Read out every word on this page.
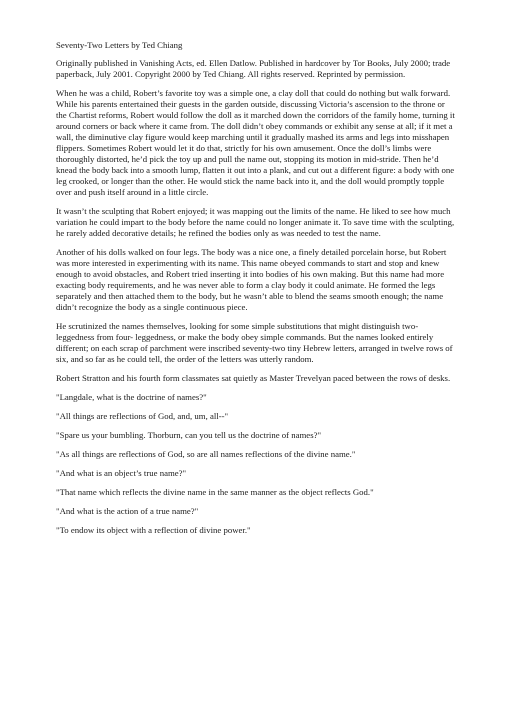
Seventy-Two Letters by Ted Chiang

Originally published in Vanishing Acts, ed. Ellen Datlow. Published in hardcover by Tor Books, July 2000; trade paperback, July 2001. Copyright 2000 by Ted Chiang. All rights reserved. Reprinted by permission.

When he was a child, Robert’s favorite toy was a simple one, a clay doll that could do nothing but walk forward. While his parents entertained their guests in the garden outside, discussing Victoria’s ascension to the throne or the Chartist reforms, Robert would follow the doll as it marched down the corridors of the family home, turning it around corners or back where it came from. The doll didn’t obey commands or exhibit any sense at all; if it met a wall, the diminutive clay figure would keep marching until it gradually mashed its arms and legs into misshapen flippers. Sometimes Robert would let it do that, strictly for his own amusement. Once the doll’s limbs were thoroughly distorted, he’d pick the toy up and pull the name out, stopping its motion in mid-stride. Then he’d knead the body back into a smooth lump, flatten it out into a plank, and cut out a different figure: a body with one leg crooked, or longer than the other. He would stick the name back into it, and the doll would promptly topple over and push itself around in a little circle.

It wasn’t the sculpting that Robert enjoyed; it was mapping out the limits of the name. He liked to see how much variation he could impart to the body before the name could no longer animate it. To save time with the sculpting, he rarely added decorative details; he refined the bodies only as was needed to test the name.

Another of his dolls walked on four legs. The body was a nice one, a finely detailed porcelain horse, but Robert was more interested in experimenting with its name. This name obeyed commands to start and stop and knew enough to avoid obstacles, and Robert tried inserting it into bodies of his own making. But this name had more exacting body requirements, and he was never able to form a clay body it could animate. He formed the legs separately and then attached them to the body, but he wasn’t able to blend the seams smooth enough; the name didn’t recognize the body as a single continuous piece.

He scrutinized the names themselves, looking for some simple substitutions that might distinguish two-leggedness from four- leggedness, or make the body obey simple commands. But the names looked entirely different; on each scrap of parchment were inscribed seventy-two tiny Hebrew letters, arranged in twelve rows of six, and so far as he could tell, the order of the letters was utterly random.

Robert Stratton and his fourth form classmates sat quietly as Master Trevelyan paced between the rows of desks.

"Langdale, what is the doctrine of names?"

"All things are reflections of God, and, um, all--"

"Spare us your bumbling. Thorburn, can you tell us the doctrine of names?"

"As all things are reflections of God, so are all names reflections of the divine name."

"And what is an object’s true name?"

"That name which reflects the divine name in the same manner as the object reflects God."

"And what is the action of a true name?"

"To endow its object with a reflection of divine power."
